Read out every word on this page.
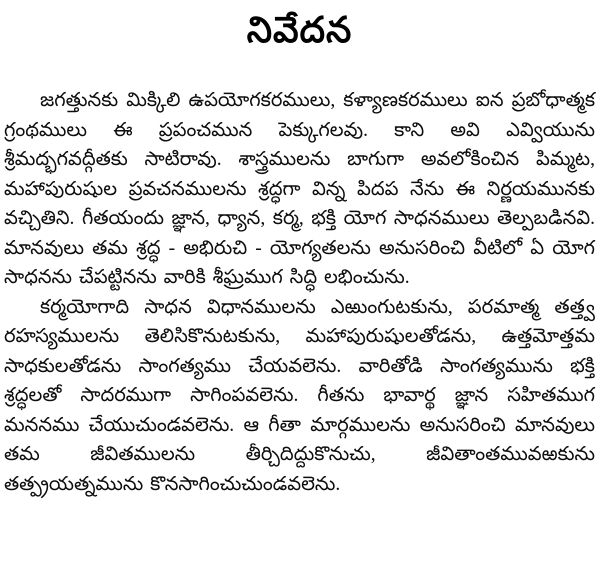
నివేదన

జగత్తునకు మిక్కిలి ఉపయోగకరములు, కళ్యాణకరములు ఐన ప్రబోధాత్మక గ్రంథములు ఈ ప్రపంచమున పెక్కుగలవు. కాని అవి ఎవ్వియును శ్రీమద్భగవద్గీతకు సాటిరావు. శాస్త్రములను బాగుగా అవలోకించిన పిమ్మట, మహాపురుషుల ప్రవచనములను శ్రద్ధగా విన్న పిదప నేను ఈ నిర్ణయమునకు వచ్చితిని. గీతయందు జ్ఞాన, ధ్యాన, కర్మ, భక్తి యోగ సాధనములు తెల్పబడినవి. మానవులు తమ శ్రద్ధ - అభిరుచి - యోగ్యతలను అనుసరించి వీటిలో ఏ యోగ సాధనను చేపట్టినను వారికి శీఘ్రముగ సిద్ధి లభించును.

కర్మయోగాది సాధన విధానములను ఎఱుంగుటకును, పరమాత్మ తత్త్వ రహస్యములను తెలిసికొనుటకును, మహాపురుషులతోడను, ఉత్తమోత్తమ సాధకులతోడను సాంగత్యము చేయవలెను. వారితోడి సాంగత్యమును భక్తి శ్రద్ధలతో సాదరముగా సాగింపవలెను. గీతను భావార్థ జ్ఞాన సహితముగ మననము చేయుచుండవలెను. ఆ గీతా మార్గములను అనుసరించి మానవులు తమ జీవితములను తీర్చిదిద్దుకొనుచు, జీవితాంతమువఱకును తత్ప్రయత్నమును కొనసాగించుచుండవలెను.
